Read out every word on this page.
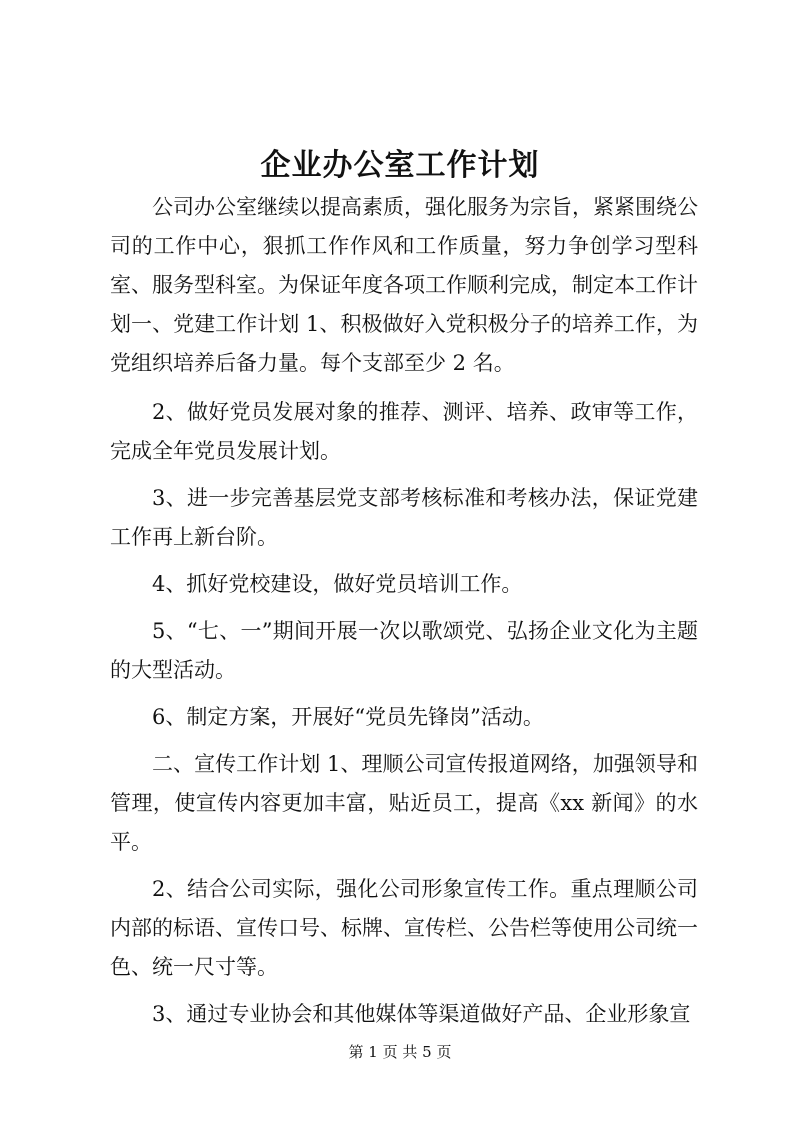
企业办公室工作计划

公司办公室继续以提高素质，强化服务为宗旨，紧紧围绕公司的工作中心，狠抓工作作风和工作质量，努力争创学习型科室、服务型科室。为保证年度各项工作顺利完成，制定本工作计划一、党建工作计划 1、积极做好入党积极分子的培养工作，为党组织培养后备力量。每个支部至少 2 名。

2、做好党员发展对象的推荐、测评、培养、政审等工作，完成全年党员发展计划。

3、进一步完善基层党支部考核标准和考核办法，保证党建工作再上新台阶。

4、抓好党校建设，做好党员培训工作。

5、“七、一”期间开展一次以歌颂党、弘扬企业文化为主题的大型活动。

6、制定方案，开展好“党员先锋岗”活动。

二、宣传工作计划 1、理顺公司宣传报道网络，加强领导和管理，使宣传内容更加丰富，贴近员工，提高《xx 新闻》的水平。

2、结合公司实际，强化公司形象宣传工作。重点理顺公司内部的标语、宣传口号、标牌、宣传栏、公告栏等使用公司统一色、统一尺寸等。

3、通过专业协会和其他媒体等渠道做好产品、企业形象宣

第 1 页 共 5 页
